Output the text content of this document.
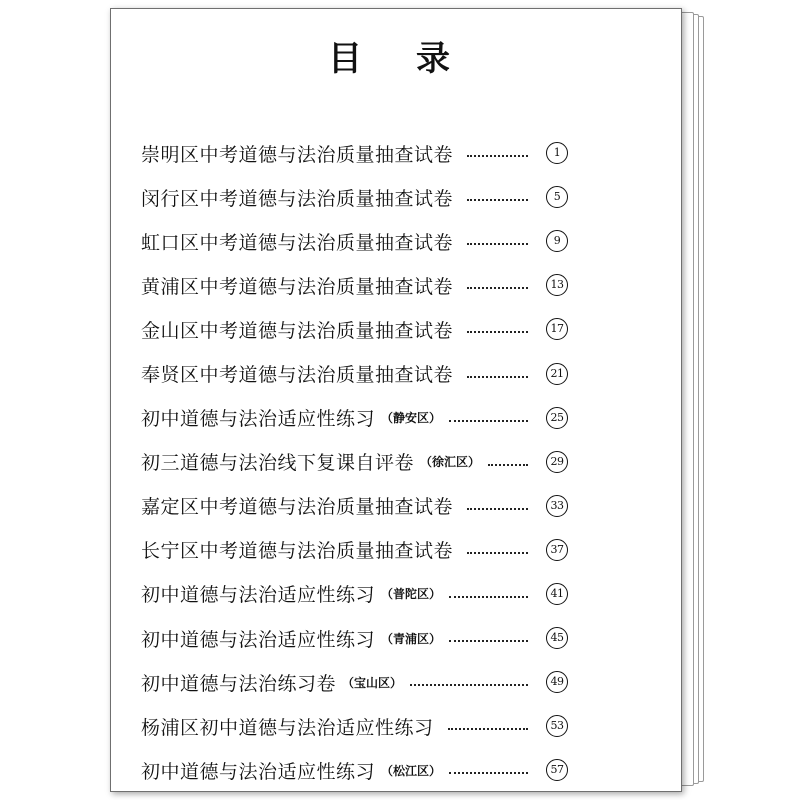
目录
崇明区中考道德与法治质量抽查试卷	1
闵行区中考道德与法治质量抽查试卷	5
虹口区中考道德与法治质量抽查试卷	9
黄浦区中考道德与法治质量抽查试卷	13
金山区中考道德与法治质量抽查试卷	17
奉贤区中考道德与法治质量抽查试卷	21
初中道德与法治适应性练习 （静安区）	25
初三道德与法治线下复课自评卷 （徐汇区）	29
嘉定区中考道德与法治质量抽查试卷	33
长宁区中考道德与法治质量抽查试卷	37
初中道德与法治适应性练习 （普陀区）	41
初中道德与法治适应性练习 （青浦区）	45
初中道德与法治练习卷 （宝山区）	49
杨浦区初中道德与法治适应性练习	53
初中道德与法治适应性练习 （松江区）	57
